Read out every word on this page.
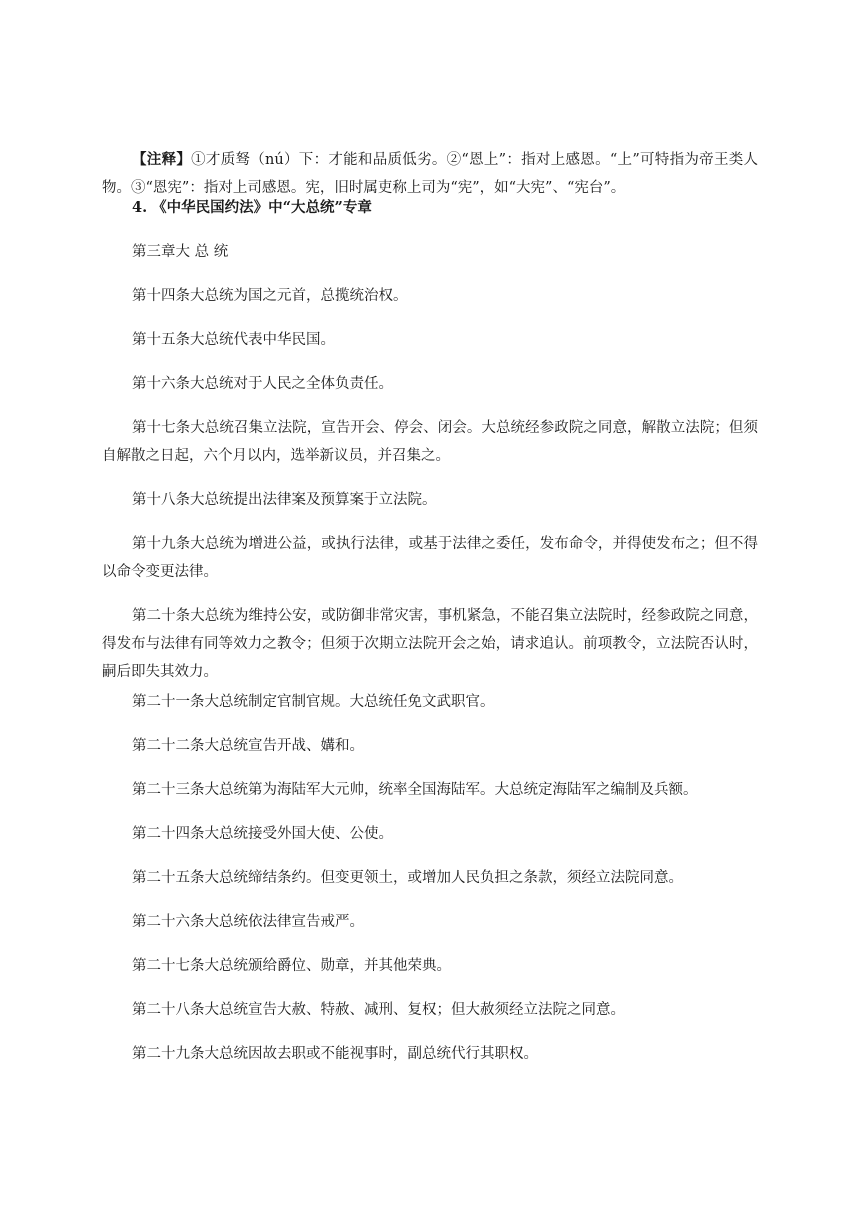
【注释】①才质驽（nú）下：才能和品质低劣。②“恩上”：指对上感恩。“上”可特指为帝王类人物。③“恩宪”：指对上司感恩。宪，旧时属吏称上司为“宪”，如“大宪”、“宪台”。

4. 《中华民国约法》中“大总统”专章

第三章大 总 统

第十四条大总统为国之元首，总揽统治权。

第十五条大总统代表中华民国。

第十六条大总统对于人民之全体负责任。

第十七条大总统召集立法院，宣告开会、停会、闭会。大总统经参政院之同意，解散立法院；但须自解散之日起，六个月以内，选举新议员，并召集之。

第十八条大总统提出法律案及预算案于立法院。

第十九条大总统为增进公益，或执行法律，或基于法律之委任，发布命令，并得使发布之；但不得以命令变更法律。

第二十条大总统为维持公安，或防御非常灾害，事机紧急，不能召集立法院时，经参政院之同意，得发布与法律有同等效力之教令；但须于次期立法院开会之始，请求追认。前项教令，立法院否认时，嗣后即失其效力。

第二十一条大总统制定官制官规。大总统任免文武职官。

第二十二条大总统宣告开战、媾和。

第二十三条大总统第为海陆军大元帅，统率全国海陆军。大总统定海陆军之编制及兵额。

第二十四条大总统接受外国大使、公使。

第二十五条大总统缔结条约。但变更领土，或增加人民负担之条款，须经立法院同意。

第二十六条大总统依法律宣告戒严。

第二十七条大总统颁给爵位、勋章，并其他荣典。

第二十八条大总统宣告大赦、特赦、减刑、复权；但大赦须经立法院之同意。

第二十九条大总统因故去职或不能视事时，副总统代行其职权。
